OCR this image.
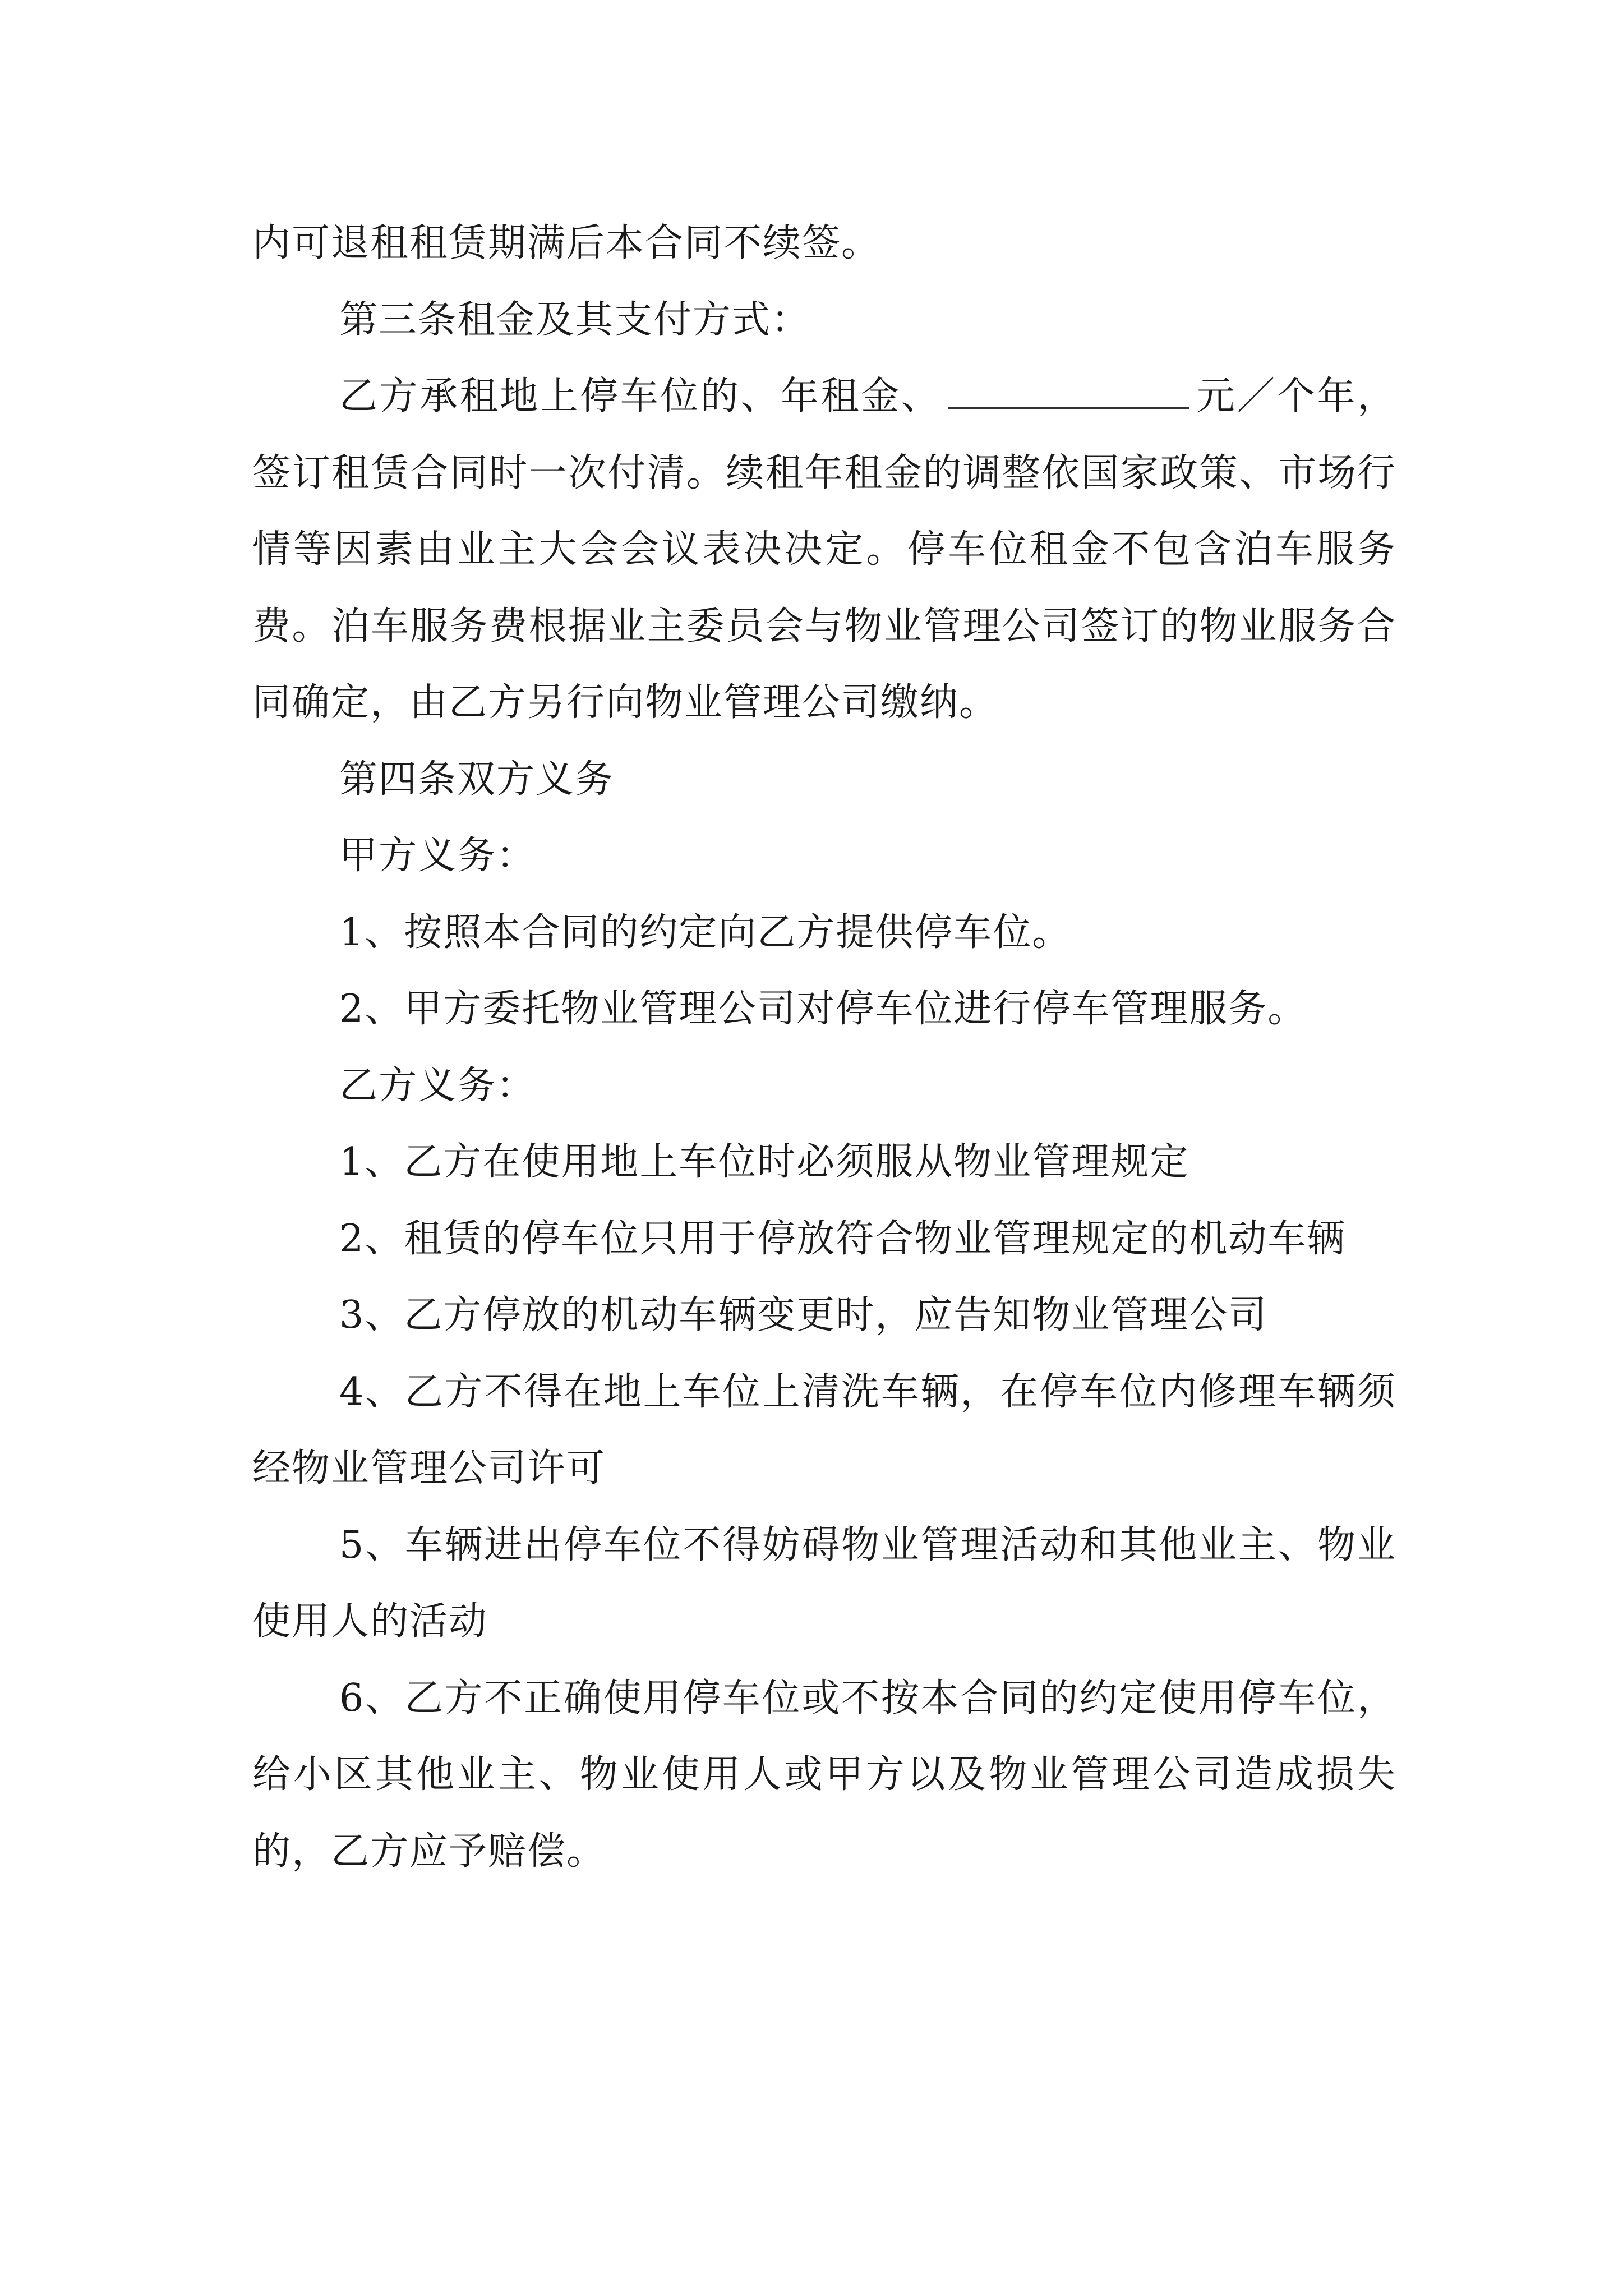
内可退租租赁期满后本合同不续签。

第三条租金及其支付方式：

乙方承租地上停车位的、年租金、	元／个年，签订租赁合同时一次付清。续租年租金的调整依国家政策、市场行情等因素由业主大会会议表决决定。停车位租金不包含泊车服务费。泊车服务费根据业主委员会与物业管理公司签订的物业服务合同确定，由乙方另行向物业管理公司缴纳。

第四条双方义务

甲方义务：

1、按照本合同的约定向乙方提供停车位。

2、甲方委托物业管理公司对停车位进行停车管理服务。

乙方义务：

1、乙方在使用地上车位时必须服从物业管理规定

2、租赁的停车位只用于停放符合物业管理规定的机动车辆

3、乙方停放的机动车辆变更时，应告知物业管理公司

4、乙方不得在地上车位上清洗车辆，在停车位内修理车辆须经物业管理公司许可

5、车辆进出停车位不得妨碍物业管理活动和其他业主、物业使用人的活动

6、乙方不正确使用停车位或不按本合同的约定使用停车位，给小区其他业主、物业使用人或甲方以及物业管理公司造成损失的，乙方应予赔偿。
